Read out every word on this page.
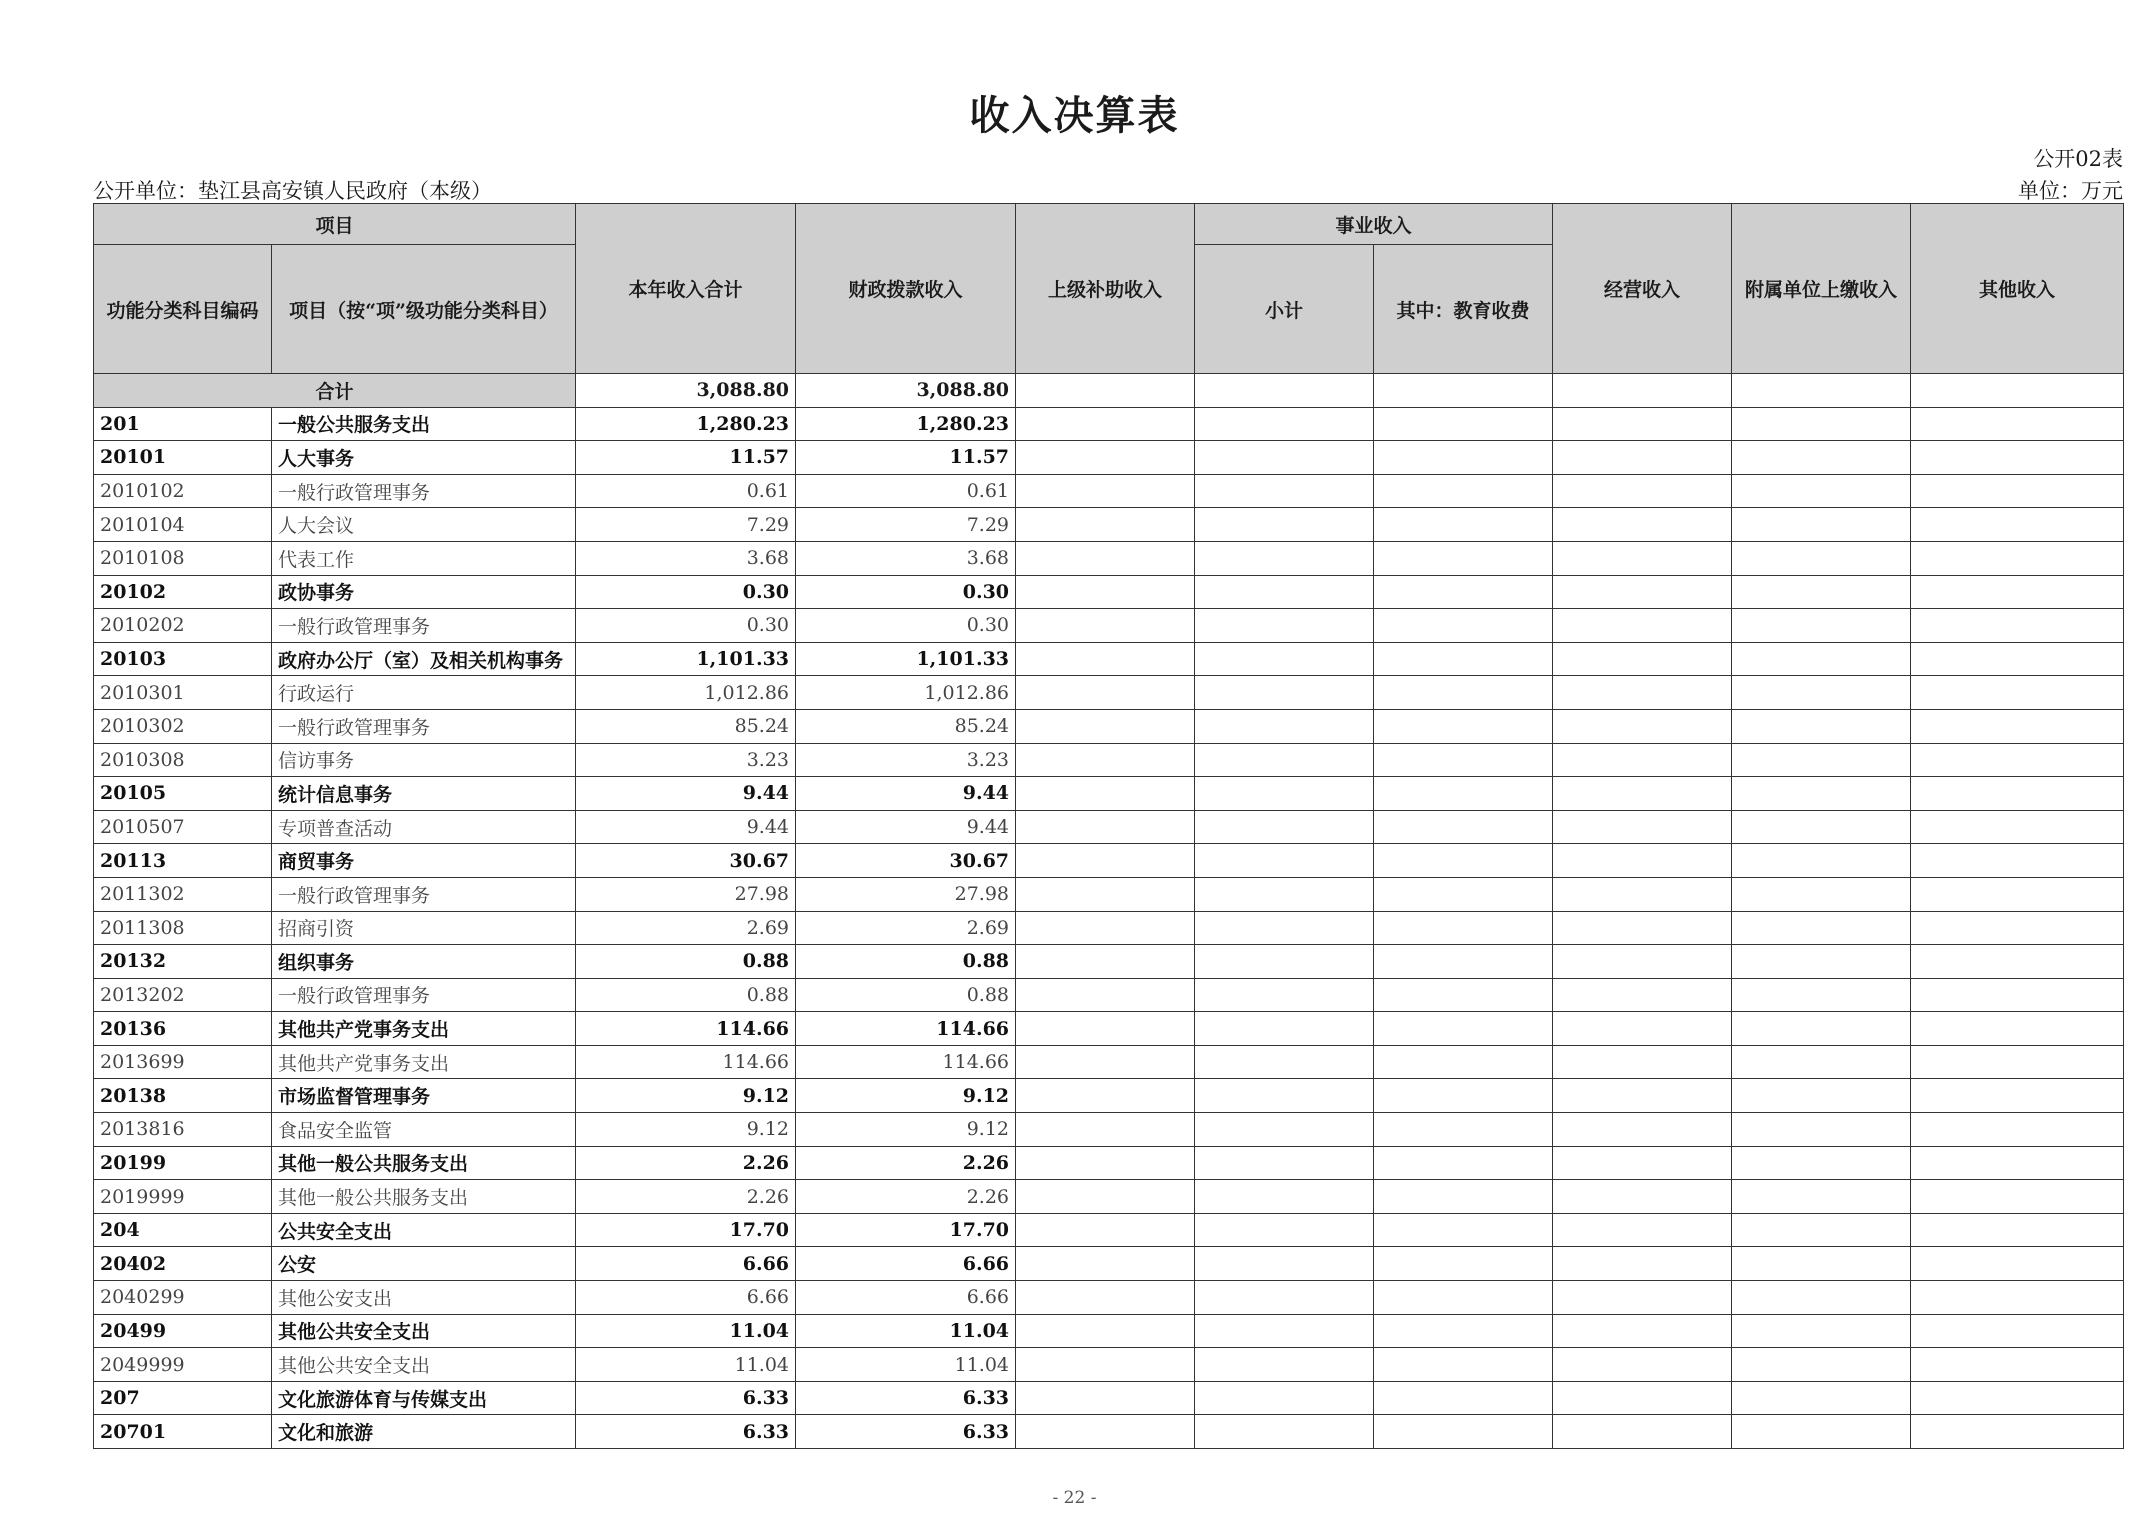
收入决算表
公开02表
公开单位：垫江县高安镇人民政府（本级）	单位：万元
项目		本年收入合计	财政拨款收入	上级补助收入	事业收入		经营收入	附属单位上缴收入	其他收入
功能分类科目编码	项目（按“项”级功能分类科目）				小计	其中：教育收费			
合计		3,088.80	3,088.80						
201	一般公共服务支出	1,280.23	1,280.23						
20101	人大事务	11.57	11.57						
2010102	一般行政管理事务	0.61	0.61						
2010104	人大会议	7.29	7.29						
2010108	代表工作	3.68	3.68						
20102	政协事务	0.30	0.30						
2010202	一般行政管理事务	0.30	0.30						
20103	政府办公厅（室）及相关机构事务	1,101.33	1,101.33						
2010301	行政运行	1,012.86	1,012.86						
2010302	一般行政管理事务	85.24	85.24						
2010308	信访事务	3.23	3.23						
20105	统计信息事务	9.44	9.44						
2010507	专项普查活动	9.44	9.44						
20113	商贸事务	30.67	30.67						
2011302	一般行政管理事务	27.98	27.98						
2011308	招商引资	2.69	2.69						
20132	组织事务	0.88	0.88						
2013202	一般行政管理事务	0.88	0.88						
20136	其他共产党事务支出	114.66	114.66						
2013699	其他共产党事务支出	114.66	114.66						
20138	市场监督管理事务	9.12	9.12						
2013816	食品安全监管	9.12	9.12						
20199	其他一般公共服务支出	2.26	2.26						
2019999	其他一般公共服务支出	2.26	2.26						
204	公共安全支出	17.70	17.70						
20402	公安	6.66	6.66						
2040299	其他公安支出	6.66	6.66						
20499	其他公共安全支出	11.04	11.04						
2049999	其他公共安全支出	11.04	11.04						
207	文化旅游体育与传媒支出	6.33	6.33						
20701	文化和旅游	6.33	6.33						
- 22 -
